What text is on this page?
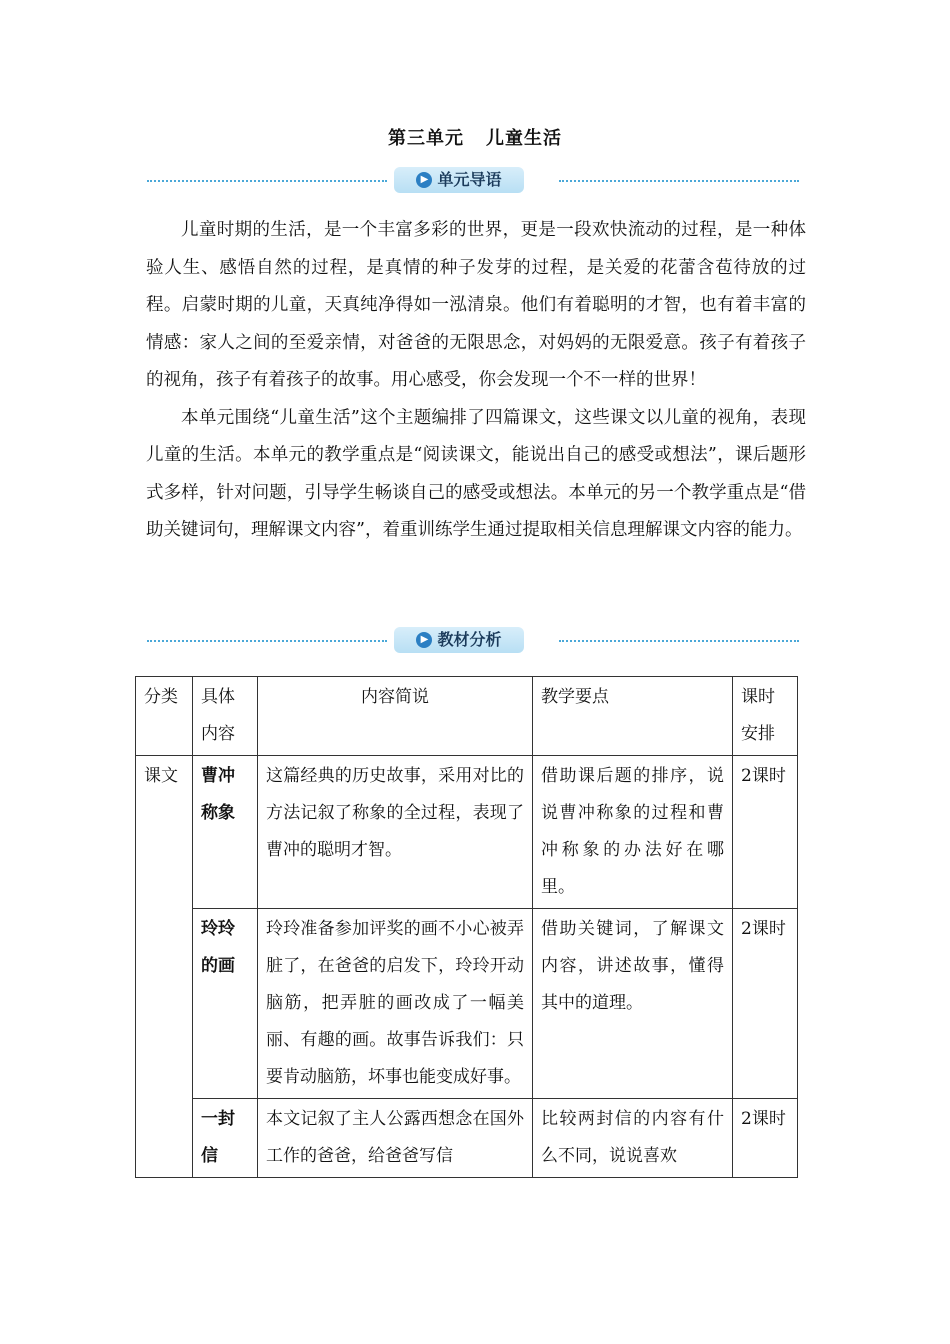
第三单元 儿童生活
▶ 单元导语

儿童时期的生活，是一个丰富多彩的世界，更是一段欢快流动的过程，是一种体验人生、感悟自然的过程，是真情的种子发芽的过程，是关爱的花蕾含苞待放的过程。启蒙时期的儿童，天真纯净得如一泓清泉。他们有着聪明的才智，也有着丰富的情感：家人之间的至爱亲情，对爸爸的无限思念，对妈妈的无限爱意。孩子有着孩子的视角，孩子有着孩子的故事。用心感受，你会发现一个不一样的世界！

本单元围绕“儿童生活”这个主题编排了四篇课文，这些课文以儿童的视角，表现儿童的生活。本单元的教学重点是“阅读课文，能说出自己的感受或想法”，课后题形式多样，针对问题，引导学生畅谈自己的感受或想法。本单元的另一个教学重点是“借助关键词句，理解课文内容”，着重训练学生通过提取相关信息理解课文内容的能力。

▶ 教材分析
分类	具体内容	内容简说	教学要点	课时安排
课文	曹冲称象	这篇经典的历史故事，采用对比的方法记叙了称象的全过程，表现了曹冲的聪明才智。	借助课后题的排序，说说曹冲称象的过程和曹冲称象的办法好在哪里。	2课时
	玲玲的画	玲玲准备参加评奖的画不小心被弄脏了，在爸爸的启发下，玲玲开动脑筋，把弄脏的画改成了一幅美丽、有趣的画。故事告诉我们：只要肯动脑筋，坏事也能变成好事。	借助关键词，了解课文内容，讲述故事，懂得其中的道理。	2课时
	一封信	本文记叙了主人公露西想念在国外工作的爸爸，给爸爸写信	比较两封信的内容有什么不同，说说喜欢	2课时
